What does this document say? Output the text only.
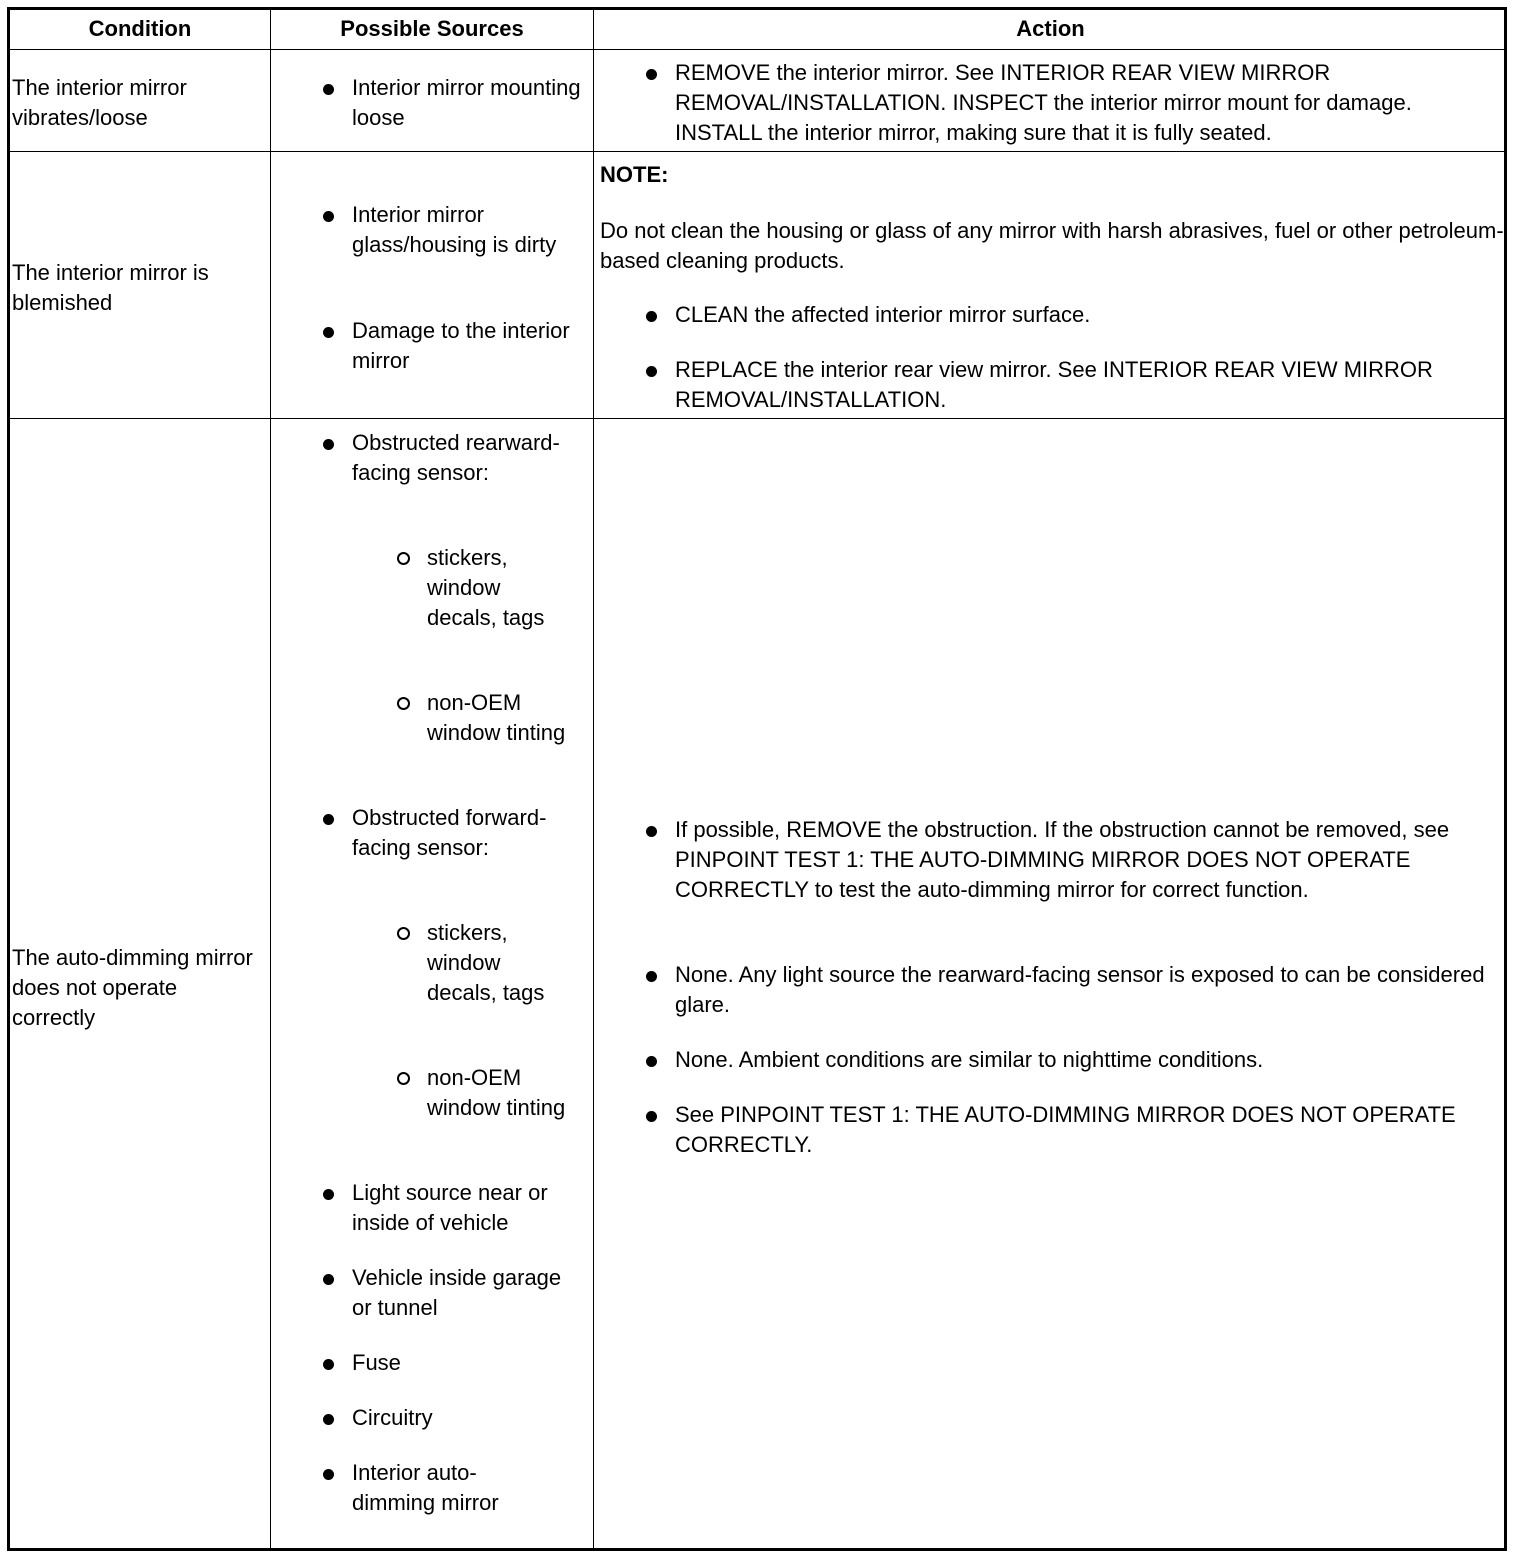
Condition	Possible Sources	Action
The interior mirror vibrates/loose
Interior mirror mounting loose
REMOVE the interior mirror. See INTERIOR REAR VIEW MIRROR REMOVAL/INSTALLATION. INSPECT the interior mirror mount for damage. INSTALL the interior mirror, making sure that it is fully seated.
The interior mirror is blemished
Interior mirror glass/housing is dirty
Damage to the interior mirror
NOTE:
Do not clean the housing or glass of any mirror with harsh abrasives, fuel or other petroleum-based cleaning products.
CLEAN the affected interior mirror surface.
REPLACE the interior rear view mirror. See INTERIOR REAR VIEW MIRROR REMOVAL/INSTALLATION.
The auto-dimming mirror does not operate correctly
Obstructed rearward-facing sensor:
stickers, window decals, tags
non-OEM window tinting
Obstructed forward-facing sensor:
stickers, window decals, tags
non-OEM window tinting
Light source near or inside of vehicle
Vehicle inside garage or tunnel
Fuse
Circuitry
Interior auto-dimming mirror
If possible, REMOVE the obstruction. If the obstruction cannot be removed, see PINPOINT TEST 1: THE AUTO-DIMMING MIRROR DOES NOT OPERATE CORRECTLY to test the auto-dimming mirror for correct function.
None. Any light source the rearward-facing sensor is exposed to can be considered glare.
None. Ambient conditions are similar to nighttime conditions.
See PINPOINT TEST 1: THE AUTO-DIMMING MIRROR DOES NOT OPERATE CORRECTLY.
